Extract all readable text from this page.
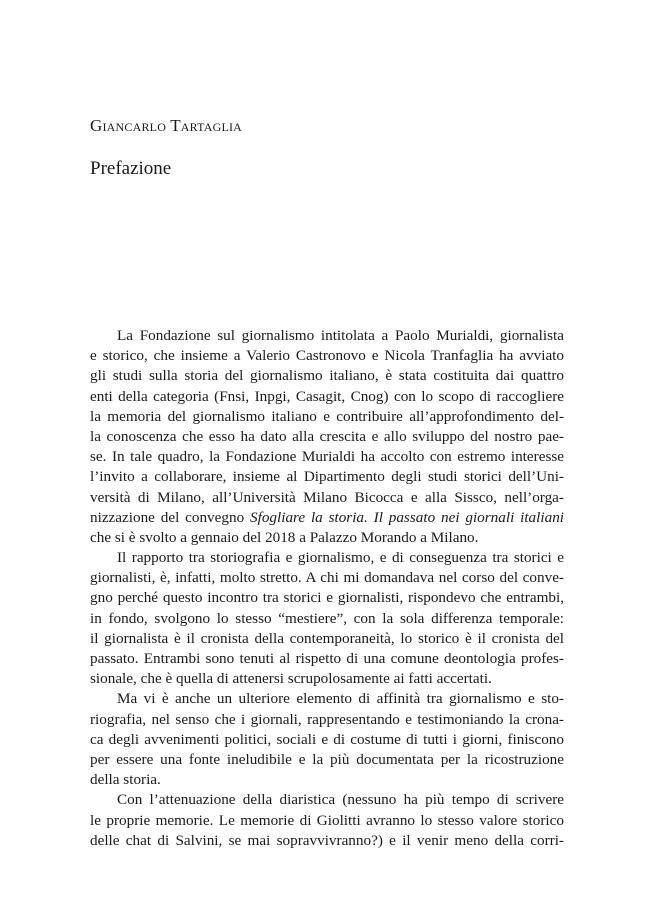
Giancarlo Tartaglia
Prefazione
La Fondazione sul giornalismo intitolata a Paolo Murialdi, giornalista
e storico, che insieme a Valerio Castronovo e Nicola Tranfaglia ha avviato
gli studi sulla storia del giornalismo italiano, è stata costituita dai quattro
enti della categoria (Fnsi, Inpgi, Casagit, Cnog) con lo scopo di raccogliere
la memoria del giornalismo italiano e contribuire all’approfondimento del-
la conoscenza che esso ha dato alla crescita e allo sviluppo del nostro pae-
se. In tale quadro, la Fondazione Murialdi ha accolto con estremo interesse
l’invito a collaborare, insieme al Dipartimento degli studi storici dell’Uni-
versità di Milano, all’Università Milano Bicocca e alla Sissco, nell’orga-
nizzazione del convegno Sfogliare la storia. Il passato nei giornali italiani
che si è svolto a gennaio del 2018 a Palazzo Morando a Milano.
Il rapporto tra storiografia e giornalismo, e di conseguenza tra storici e
giornalisti, è, infatti, molto stretto. A chi mi domandava nel corso del conve-
gno perché questo incontro tra storici e giornalisti, rispondevo che entrambi,
in fondo, svolgono lo stesso “mestiere”, con la sola differenza temporale:
il giornalista è il cronista della contemporaneità, lo storico è il cronista del
passato. Entrambi sono tenuti al rispetto di una comune deontologia profes-
sionale, che è quella di attenersi scrupolosamente ai fatti accertati.
Ma vi è anche un ulteriore elemento di affinità tra giornalismo e sto-
riografia, nel senso che i giornali, rappresentando e testimoniando la crona-
ca degli avvenimenti politici, sociali e di costume di tutti i giorni, finiscono
per essere una fonte ineludibile e la più documentata per la ricostruzione
della storia.
Con l’attenuazione della diaristica (nessuno ha più tempo di scrivere
le proprie memorie. Le memorie di Giolitti avranno lo stesso valore storico
delle chat di Salvini, se mai sopravvivranno?) e il venir meno della corri-
